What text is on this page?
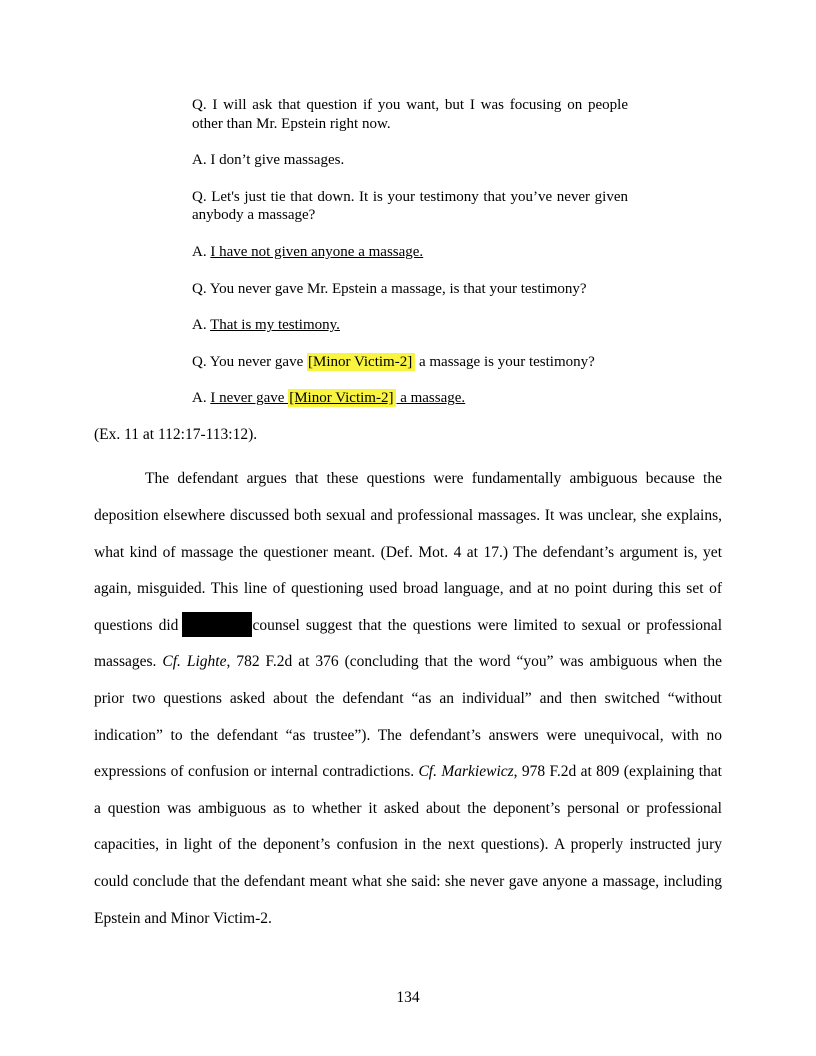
Q. I will ask that question if you want, but I was focusing on people other than Mr. Epstein right now.

A. I don’t give massages.

Q. Let's just tie that down. It is your testimony that you’ve never given anybody a massage?

A. I have not given anyone a massage.

Q. You never gave Mr. Epstein a massage, is that your testimony?

A. That is my testimony.

Q. You never gave [Minor Victim-2] a massage is your testimony?

A. I never gave [Minor Victim-2] a massage.

(Ex. 11 at 112:17-113:12).

The defendant argues that these questions were fundamentally ambiguous because the deposition elsewhere discussed both sexual and professional massages. It was unclear, she explains, what kind of massage the questioner meant. (Def. Mot. 4 at 17.) The defendant’s argument is, yet again, misguided. This line of questioning used broad language, and at no point during this set of questions did	counsel suggest that the questions were limited to sexual or professional massages. Cf. Lighte, 782 F.2d at 376 (concluding that the word “you” was ambiguous when the prior two questions asked about the defendant “as an individual” and then switched “without indication” to the defendant “as trustee”). The defendant’s answers were unequivocal, with no expressions of confusion or internal contradictions. Cf. Markiewicz, 978 F.2d at 809 (explaining that a question was ambiguous as to whether it asked about the deponent’s personal or professional capacities, in light of the deponent’s confusion in the next questions). A properly instructed jury could conclude that the defendant meant what she said: she never gave anyone a massage, including Epstein and Minor Victim-2.

134
